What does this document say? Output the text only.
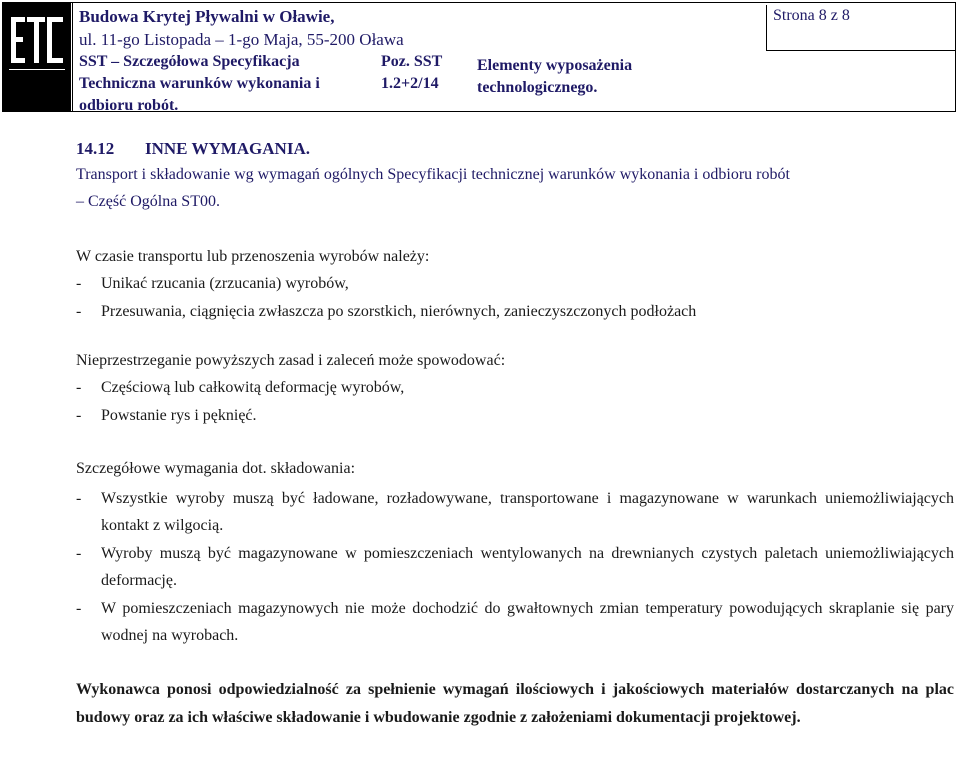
Budowa Krytej Pływalni w Oławie,
ul. 11-go Listopada – 1-go Maja, 55-200 Oława
Strona 8 z 8
SST – Szczegółowa Specyfikacja
Techniczna warunków wykonania i
odbioru robót.
Poz. SST
1.2+2/14
Elementy wyposażenia
technologicznego.
14.12 INNE WYMAGANIA.
Transport i składowanie wg wymagań ogólnych Specyfikacji technicznej warunków wykonania i odbioru robót
– Część Ogólna ST00.
W czasie transportu lub przenoszenia wyrobów należy:
- Unikać rzucania (zrzucania) wyrobów,
- Przesuwania, ciągnięcia zwłaszcza po szorstkich, nierównych, zanieczyszczonych podłożach
Nieprzestrzeganie powyższych zasad i zaleceń może spowodować:
- Częściową lub całkowitą deformację wyrobów,
- Powstanie rys i pęknięć.
Szczegółowe wymagania dot. składowania:
- Wszystkie wyroby muszą być ładowane, rozładowywane, transportowane i magazynowane w warunkach uniemożliwiających kontakt z wilgocią.
- Wyroby muszą być magazynowane w pomieszczeniach wentylowanych na drewnianych czystych paletach uniemożliwiających deformację.
- W pomieszczeniach magazynowych nie może dochodzić do gwałtownych zmian temperatury powodujących skraplanie się pary wodnej na wyrobach.
Wykonawca ponosi odpowiedzialność za spełnienie wymagań ilościowych i jakościowych materiałów dostarczanych na plac budowy oraz za ich właściwe składowanie i wbudowanie zgodnie z założeniami dokumentacji projektowej.
